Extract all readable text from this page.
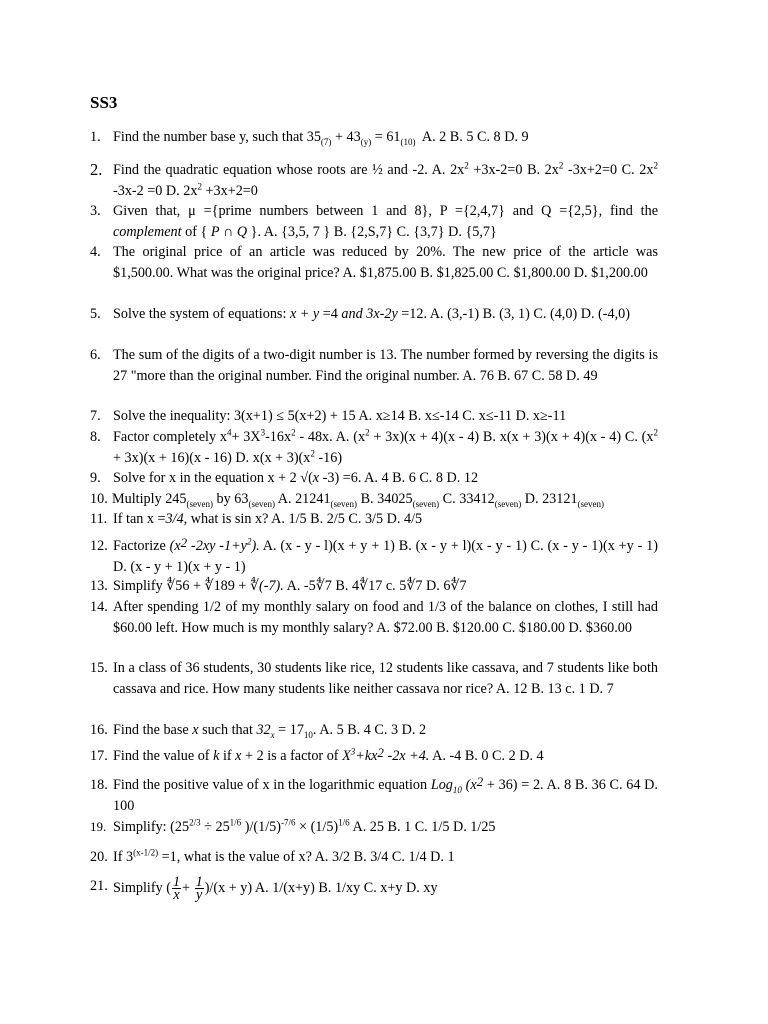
SS3
1. Find the number base y, such that $35_{(7)} + 43_{(y)} = 61_{(10)}$  A. 2 B. 5 C. 8 D. 9
2. Find the quadratic equation whose roots are ½ and -2. A. $2x^2 +3x-2=0$ B. $2x^2$ -3x+2=0 C. $2x^2$ -3x-2 =0 D. $2x^2 +3x+2=0$
3. Given that, μ ={prime numbers between 1 and 8}, P ={2,4,7} and Q ={2,5}, find the complement of { P ∩ Q }. A. {3,5, 7 } B. {2,S,7} C. {3,7} D. {5,7}
4. The original price of an article was reduced by 20%. The new price of the article was $1,500.00. What was the original price? A. $1,875.00 B. $1,825.00 C. $1,800.00 D. $1,200.00
5. Solve the system of equations: x + y =4 and 3x-2y =12. A. (3,-1) B. (3, 1) C. (4,0) D. (-4,0)
6. The sum of the digits of a two-digit number is 13. The number formed by reversing the digits is 27 "more than the original number. Find the original number. A. 76 B. 67 C. 58 D. 49
7. Solve the inequality: 3(x+1) ≤ 5(x+2) + 15 A. x≥14 B. x≤-14 C. x≤-11 D. x≥-11
8. Factor completely $x^4+ 3X^3-16x^2 - 48x$. A. $(x^2 + 3x)(x + 4)(x - 4)$ B. x(x + 3)(x + 4)(x - 4) C. $(x^2 + 3x)(x + 16)(x - 16)$ D. $x(x + 3)(x^2$ -16)
9. Solve for x in the equation x + 2 √(x -3) =6. A. 4 B. 6 C. 8 D. 12
10. Multiply $245_{(seven)}$ by $63_{(seven)}$ A. $21241_{(seven)}$ B. $34025_{(seven)}$ C. $33412_{(seven)}$ D. $23121_{(seven)}$
11. If tan x =3/4, what is sin x? A. 1/5 B. 2/5 C. 3/5 D. 4/5
12. Factorize (x2 -2xy $-1+y^2$). A. (x - y - l)(x + y + 1) B. (x - y + l)(x - y - 1) C. (x - y - 1)(x +y - 1) D. (x - y + 1)(x + y - 1)
13. Simplify ∜56 + ∜189 + ∜(-7). A. -5∜7 B. 4∜17 c. 5∜7 D. 6∜7
14. After spending 1/2 of my monthly salary on food and 1/3 of the balance on clothes, I still had $60.00 left. How much is my monthly salary? A. $72.00 B. $120.00 C. $180.00 D. $360.00
15. In a class of 36 students, 30 students like rice, 12 students like cassava, and 7 students like both cassava and rice. How many students like neither cassava nor rice? A. 12 B. 13 c. 1 D. 7
16. Find the base x such that $32_x = 17_{10}$. A. 5 B. 4 C. 3 D. 2
17. Find the value of k if x + 2 is a factor of $X^3+kx2$ -2x +4. A. -4 B. 0 C. 2 D. 4
18. Find the positive value of x in the logarithmic equation Log$_{10}$ (x2 + 36) = 2. A. 8 B. 36 C. 64 D. 100
19. Simplify: ($25^{2/3} \div 25^{1/6}$ )$/(1/5)^{-7/6} \times (1/5)^{1/6}$ A. 25 B. 1 C. 1/5 D. 1/25
20. If $3^{(x-1/2)} =1$, what is the value of x? A. 3/2 B. 3/4 C. 1/4 D. 1
21. Simplify ( $\frac{1}{x} + \frac{1}{y} )/(x + y)$ A. 1/(x+y) B. 1/xy C. x+y D. xy
